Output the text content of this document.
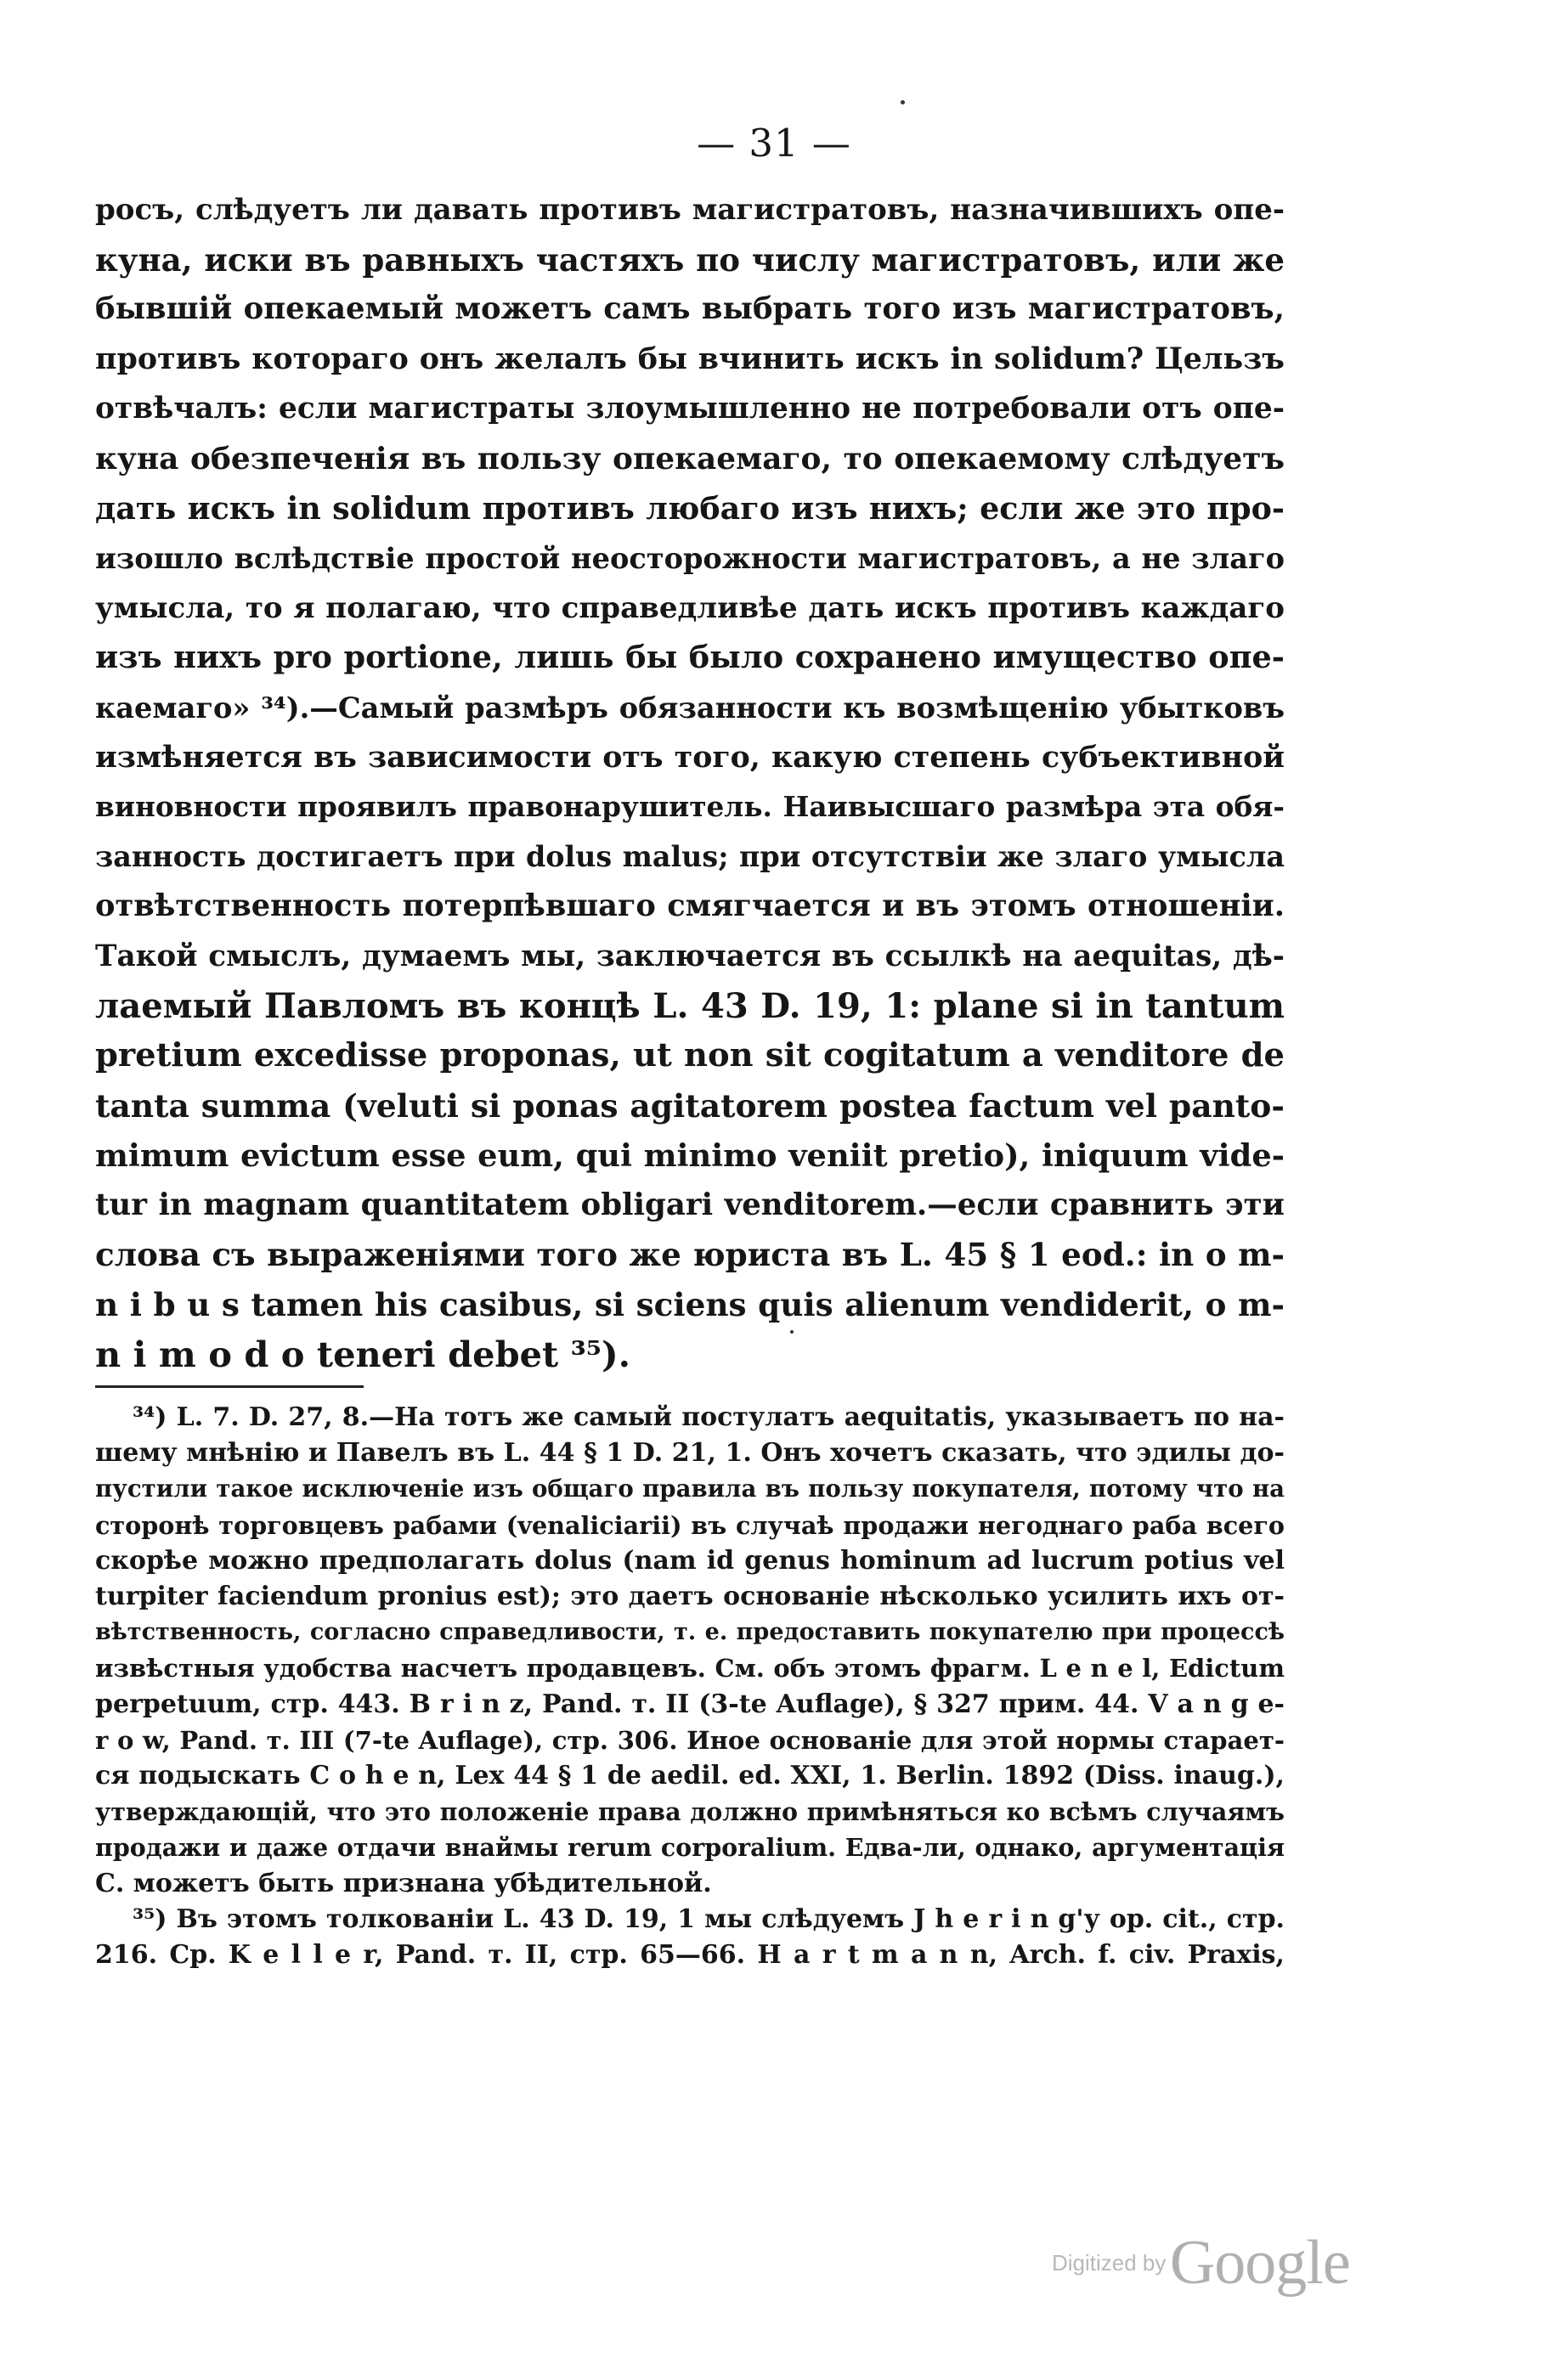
— 31 —
росъ, слѣдуетъ ли давать противъ магистратовъ, назначившихъ опе-
куна, иски въ равныхъ частяхъ по числу магистратовъ, или же
бывшій опекаемый можетъ самъ выбрать того изъ магистратовъ,
противъ котораго онъ желалъ бы вчинить искъ in solidum? Цельзъ
отвѣчалъ: если магистраты злоумышленно не потребовали отъ опе-
куна обезпеченія въ пользу опекаемаго, то опекаемому слѣдуетъ
дать искъ in solidum противъ любаго изъ нихъ; если же это про-
изошло вслѣдствіе простой неосторожности магистратовъ, а не злаго
умысла, то я полагаю, что справедливѣе дать искъ противъ каждаго
изъ нихъ pro portione, лишь бы было сохранено имущество опе-
каемаго» ³⁴).—Самый размѣръ обязанности къ возмѣщенію убытковъ
измѣняется въ зависимости отъ того, какую степень субъективной
виновности проявилъ правонарушитель. Наивысшаго размѣра эта обя-
занность достигаетъ при dolus malus; при отсутствіи же злаго умысла
отвѣтственность потерпѣвшаго смягчается и въ этомъ отношеніи.
Такой смыслъ, думаемъ мы, заключается въ ссылкѣ на aequitas, дѣ-
лаемый Павломъ въ концѣ L. 43 D. 19, 1: plane si in tantum
pretium excedisse proponas, ut non sit cogitatum a venditore de
tanta summa (veluti si ponas agitatorem postea factum vel panto-
mimum evictum esse eum, qui minimo veniit pretio), iniquum vide-
tur in magnam quantitatem obligari venditorem.—если сравнить эти
слова съ выраженіями того же юриста въ L. 45 § 1 eod.: in o m-
n i b u s tamen his casibus, si sciens quis alienum vendiderit, o m-
n i m o d o teneri debet ³⁵).
³⁴) L. 7. D. 27, 8.—На тотъ же самый постулатъ aequitatis, указываетъ по на-
шему мнѣнію и Павелъ въ L. 44 § 1 D. 21, 1. Онъ хочетъ сказать, что эдилы до-
пустили такое исключеніе изъ общаго правила въ пользу покупателя, потому что на
сторонѣ торговцевъ рабами (venaliciarii) въ случаѣ продажи негоднаго раба всего
скорѣе можно предполагать dolus (nam id genus hominum ad lucrum potius vel
turpiter faciendum pronius est); это даетъ основаніе нѣсколько усилить ихъ от-
вѣтственность, согласно справедливости, т. е. предоставить покупателю при процессѣ
извѣстныя удобства насчетъ продавцевъ. См. объ этомъ фрагм. L e n e l, Edictum
perpetuum, стр. 443. B r i n z, Pand. т. II (3-te Auflage), § 327 прим. 44. V a n g e-
r o w, Pand. т. III (7-te Auflage), стр. 306. Иное основаніе для этой нормы старает-
ся подыскать C o h e n, Lex 44 § 1 de aedil. ed. XXI, 1. Berlin. 1892 (Diss. inaug.),
утверждающій, что это положеніе права должно примѣняться ко всѣмъ случаямъ
продажи и даже отдачи внаймы rerum corporalium. Едва-ли, однако, аргументація
С. можетъ быть признана убѣдительной.
³⁵) Въ этомъ толкованіи L. 43 D. 19, 1 мы слѣдуемъ J h e r i n g'у op. cit., стр.
216. Cp. K e l l e r, Pand. т. II, стр. 65—66. H a r t m a n n, Arch. f. civ. Praxis,
Digitized by Google
